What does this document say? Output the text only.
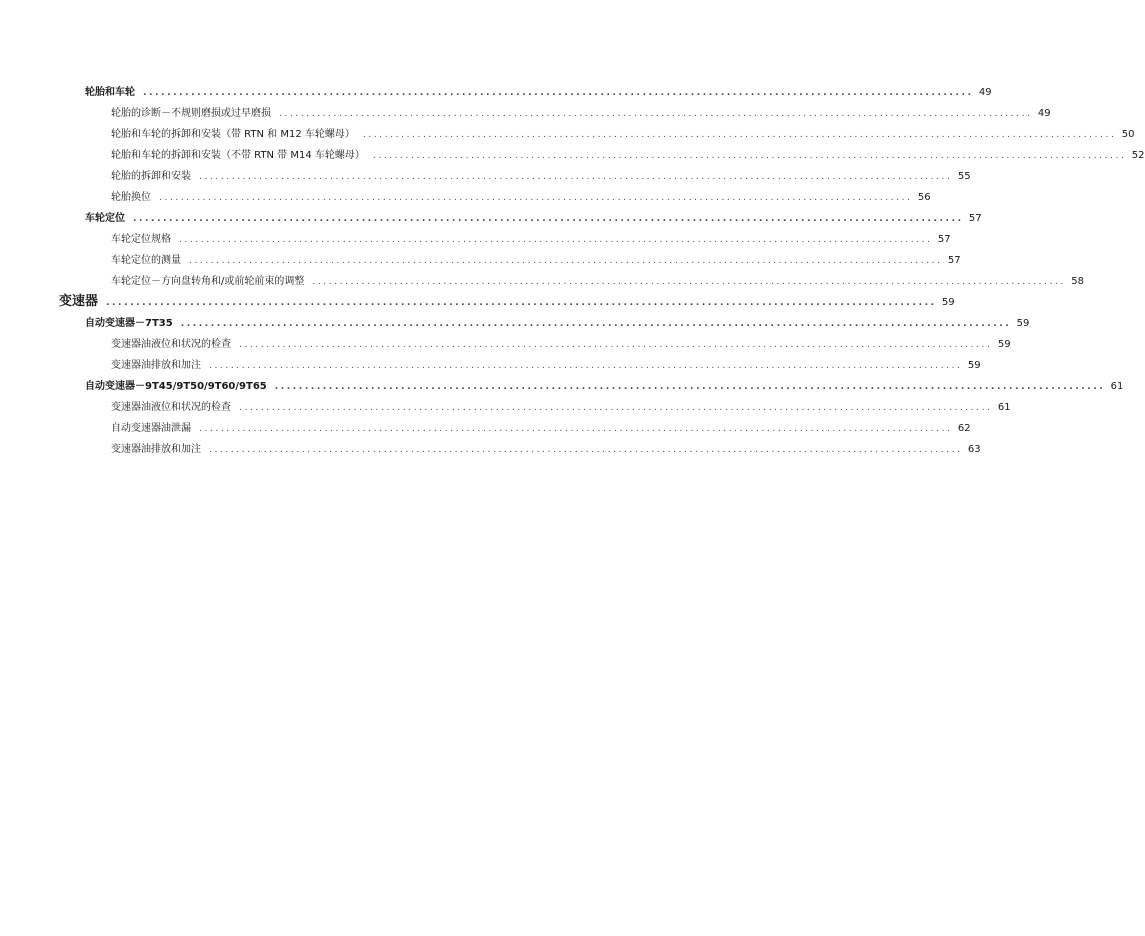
轮胎和车轮 .......................................................................................................................................... 49
轮胎的诊断－不规则磨损或过早磨损 .......................................................................................................................................... 49
轮胎和车轮的拆卸和安装（带 RTN 和 M12 车轮螺母） .......................................................................................................................................... 50
轮胎和车轮的拆卸和安装（不带 RTN 带 M14 车轮螺母） .......................................................................................................................................... 52
轮胎的拆卸和安装 .......................................................................................................................................... 55
轮胎换位 .......................................................................................................................................... 56
车轮定位 .......................................................................................................................................... 57
车轮定位规格 .......................................................................................................................................... 57
车轮定位的测量 .......................................................................................................................................... 57
车轮定位－方向盘转角和/或前轮前束的调整 .......................................................................................................................................... 58
变速器 .......................................................................................................................................... 59
自动变速器－7T35 .......................................................................................................................................... 59
变速器油液位和状况的检查 .......................................................................................................................................... 59
变速器油排放和加注 .......................................................................................................................................... 59
自动变速器－9T45/9T50/9T60/9T65 .......................................................................................................................................... 61
变速器油液位和状况的检查 .......................................................................................................................................... 61
自动变速器油泄漏 .......................................................................................................................................... 62
变速器油排放和加注 .......................................................................................................................................... 63
